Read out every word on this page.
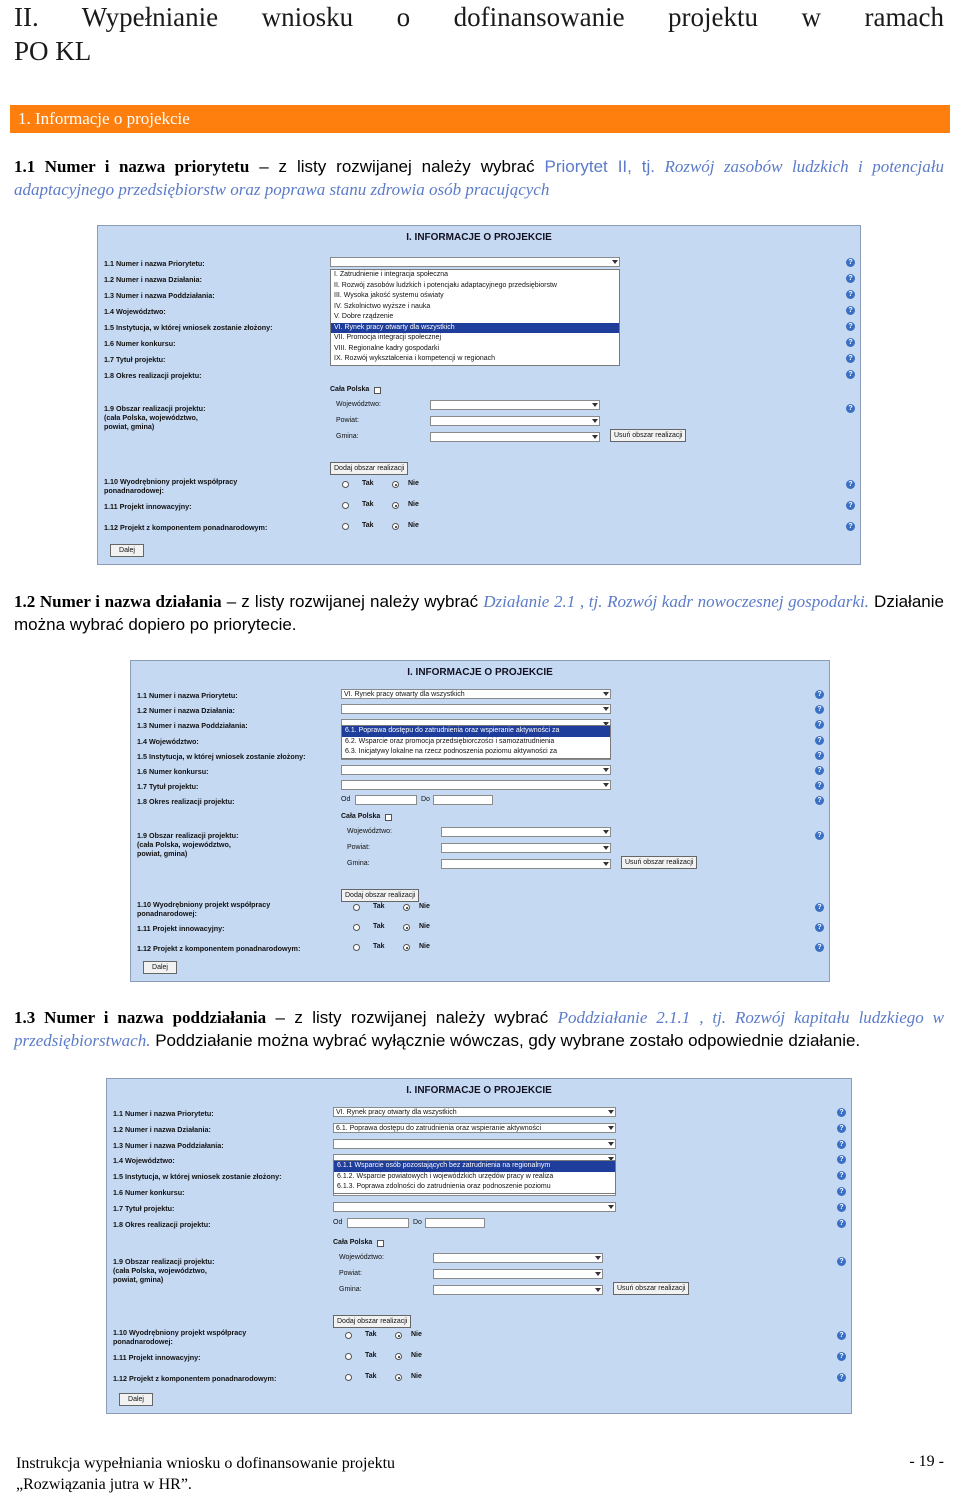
II. Wypełnianie wniosku o dofinansowanie projektu w ramach
PO KL
1. Informacje o projekcie
1.1 Numer i nazwa priorytetu – z listy rozwijanej należy wybrać Priorytet II, tj. Rozwój zasobów ludzkich i potencjału adaptacyjnego przedsiębiorstw oraz poprawa stanu zdrowia osób pracujących
I. INFORMACJE O PROJEKCIE
1.1 Numer i nazwa Priorytetu:	?
1.2 Numer i nazwa Działania:	?
1.3 Numer i nazwa Poddziałania:	?
1.4 Województwo:	?
1.5 Instytucja, w której wniosek zostanie złożony:	?
1.6 Numer konkursu:	?
1.7 Tytuł projektu:	?
1.8 Okres realizacji projektu:	?
Cała Polska
Województwo:
Powiat:
Gmina:	Usuń obszar realizacji
Dodaj obszar realizacji
1.9 Obszar realizacji projektu:
(cała Polska, województwo,
powiat, gmina)
?
1.10 Wyodrębniony projekt współpracy
ponadnarodowej:
Tak	Nie	?
1.11 Projekt innowacyjny:	Tak	Nie	?
1.12 Projekt z komponentem ponadnarodowym:	Tak	Nie	?
Dalej
I. Zatrudnienie i integracja społeczna
II. Rozwój zasobów ludzkich i potencjału adaptacyjnego przedsiębiorstw
III. Wysoka jakość systemu oświaty
IV. Szkolnictwo wyższe i nauka
V. Dobre rządzenie
VI. Rynek pracy otwarty dla wszystkich
VII. Promocja integracji społecznej
VIII. Regionalne kadry gospodarki
IX. Rozwój wykształcenia i kompetencji w regionach
1.2 Numer i nazwa działania – z listy rozwijanej należy wybrać Działanie 2.1 , tj. Rozwój kadr nowoczesnej gospodarki. Działanie można wybrać dopiero po priorytecie.
I. INFORMACJE O PROJEKCIE
1.1 Numer i nazwa Priorytetu:	?
1.2 Numer i nazwa Działania:	?
1.3 Numer i nazwa Poddziałania:	?
1.4 Województwo:	?
1.5 Instytucja, w której wniosek zostanie złożony:	?
1.6 Numer konkursu:	?
1.7 Tytuł projektu:	?
1.8 Okres realizacji projektu:	?
VI. Rynek pracy otwarty dla wszystkich
Od	Do
Cała Polska
Województwo:
Powiat:
Gmina:	Usuń obszar realizacji
Dodaj obszar realizacji
1.9 Obszar realizacji projektu:
(cała Polska, województwo,
powiat, gmina)
?
1.10 Wyodrębniony projekt współpracy
ponadnarodowej:
Tak	Nie	?
1.11 Projekt innowacyjny:	Tak	Nie	?
1.12 Projekt z komponentem ponadnarodowym:	Tak	Nie	?
Dalej
6.1. Poprawa dostępu do zatrudnienia oraz wspieranie aktywności za
6.2. Wsparcie oraz promocja przedsiębiorczości i samozatrudnienia
6.3. Inicjatywy lokalne na rzecz podnoszenia poziomu aktywności za
1.3 Numer i nazwa poddziałania – z listy rozwijanej należy wybrać Poddziałanie 2.1.1 , tj. Rozwój kapitału ludzkiego w przedsiębiorstwach. Poddziałanie można wybrać wyłącznie wówczas, gdy wybrane zostało odpowiednie działanie.
I. INFORMACJE O PROJEKCIE
1.1 Numer i nazwa Priorytetu:	?
1.2 Numer i nazwa Działania:	?
1.3 Numer i nazwa Poddziałania:	?
1.4 Województwo:	?
1.5 Instytucja, w której wniosek zostanie złożony:	?
1.6 Numer konkursu:	?
1.7 Tytuł projektu:	?
1.8 Okres realizacji projektu:	?
VI. Rynek pracy otwarty dla wszystkich
6.1. Poprawa dostępu do zatrudnienia oraz wspieranie aktywności
Od	Do
Cała Polska
Województwo:
Powiat:
Gmina:	Usuń obszar realizacji
Dodaj obszar realizacji
1.9 Obszar realizacji projektu:
(cała Polska, województwo,
powiat, gmina)
?
1.10 Wyodrębniony projekt współpracy
ponadnarodowej:
Tak	Nie	?
1.11 Projekt innowacyjny:	Tak	Nie	?
1.12 Projekt z komponentem ponadnarodowym:	Tak	Nie	?
Dalej
6.1.1 Wsparcie osób pozostających bez zatrudnienia na regionalnym
6.1.2. Wsparcie powiatowych i wojewódzkich urzędów pracy w realiza
6.1.3. Poprawa zdolności do zatrudnienia oraz podnoszenie poziomu
Instrukcja wypełniania wniosku o dofinansowanie projektu
„Rozwiązania jutra w HR”.
- 19 -
